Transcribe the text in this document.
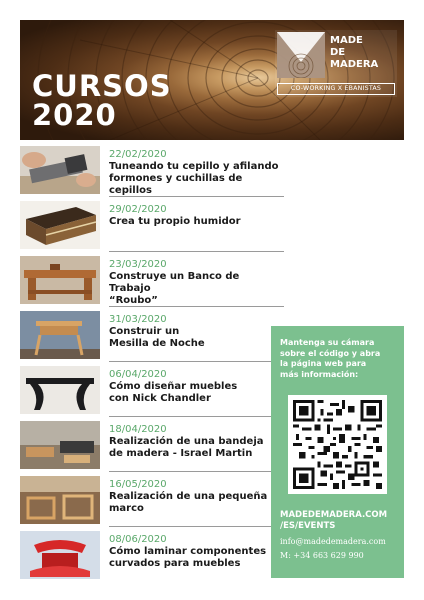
CURSOS
2020
MADE
DE
MADERA
CO-WORKING X EBANISTAS
22/02/2020
Tuneando tu cepillo y afilando
formones y cuchillas de cepillos
29/02/2020
Crea tu propio humidor
23/03/2020
Construye un Banco de Trabajo
“Roubo”
31/03/2020
Construir un
Mesilla de Noche
06/04/2020
Cómo diseñar muebles
con Nick Chandler
18/04/2020
Realización de una bandeja
de madera - Israel Martin
16/05/2020
Realización de una pequeña
marco
08/06/2020
Cómo laminar componentes
curvados para muebles
Mantenga su cámara
sobre el código y abra
la página web para
más información:
MADEDEMADERA.COM
/ES/EVENTS
info@madedemadera.com
M: +34 663 629 990
